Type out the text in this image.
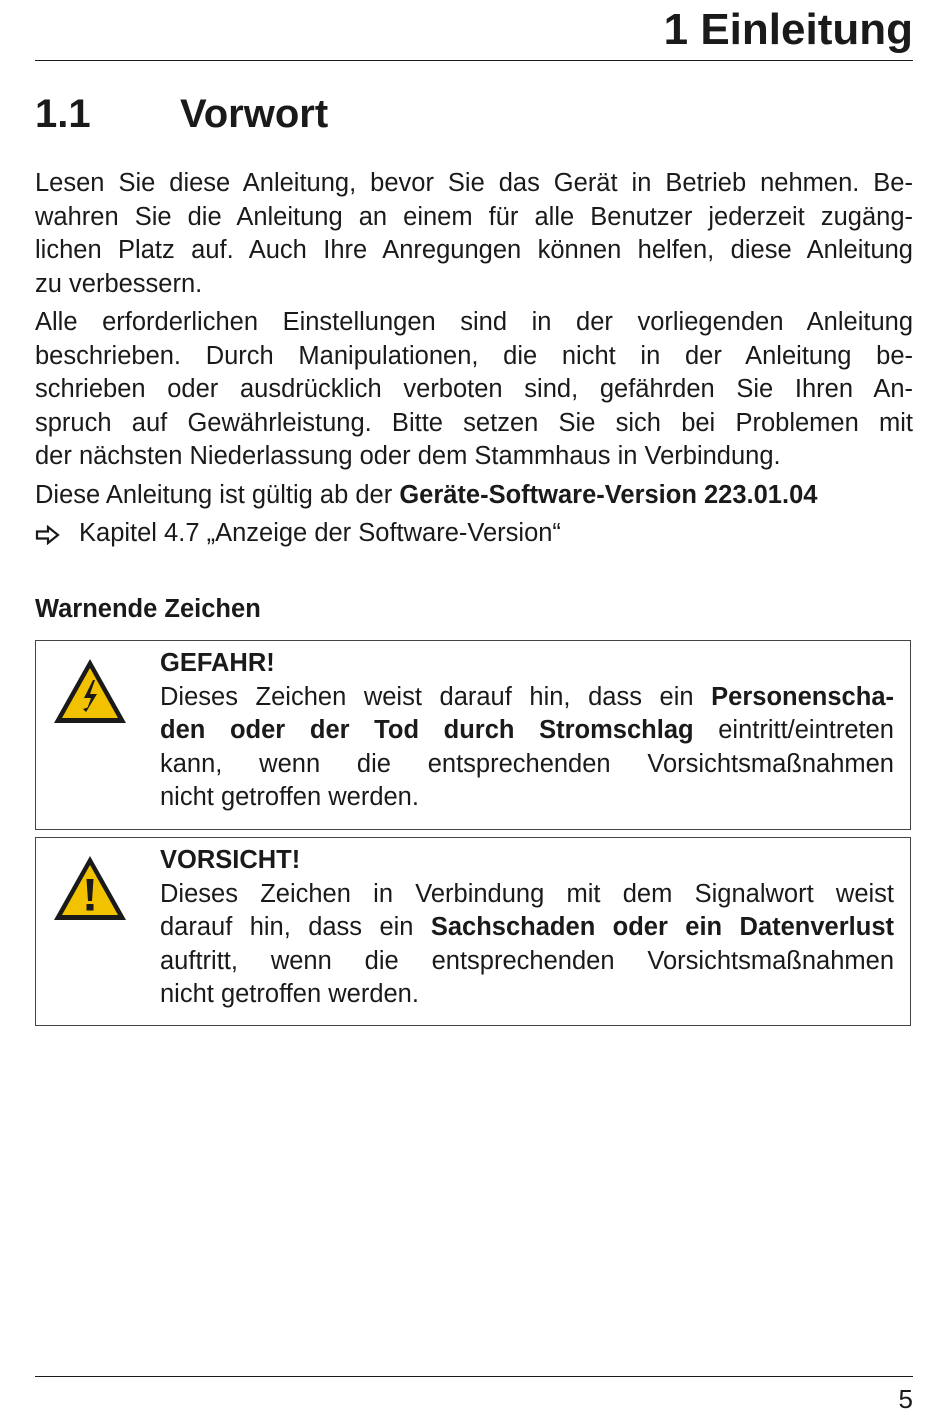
1 Einleitung
1.1 Vorwort

Lesen Sie diese Anleitung, bevor Sie das Gerät in Betrieb nehmen. Be-
wahren Sie die Anleitung an einem für alle Benutzer jederzeit zugäng-
lichen Platz auf. Auch Ihre Anregungen können helfen, diese Anleitung
zu verbessern.

Alle erforderlichen Einstellungen sind in der vorliegenden Anleitung
beschrieben. Durch Manipulationen, die nicht in der Anleitung be-
schrieben oder ausdrücklich verboten sind, gefährden Sie Ihren An-
spruch auf Gewährleistung. Bitte setzen Sie sich bei Problemen mit
der nächsten Niederlassung oder dem Stammhaus in Verbindung.

Diese Anleitung ist gültig ab der Geräte-Software-Version 223.01.04

Kapitel 4.7 „Anzeige der Software-Version“

Warnende Zeichen

GEFAHR!

Dieses Zeichen weist darauf hin, dass ein Personenscha-
den oder der Tod durch Stromschlag eintritt/eintreten
kann, wenn die entsprechenden Vorsichtsmaßnahmen
nicht getroffen werden.

VORSICHT!

Dieses Zeichen in Verbindung mit dem Signalwort weist
darauf hin, dass ein Sachschaden oder ein Datenverlust
auftritt, wenn die entsprechenden Vorsichtsmaßnahmen
nicht getroffen werden.

5
